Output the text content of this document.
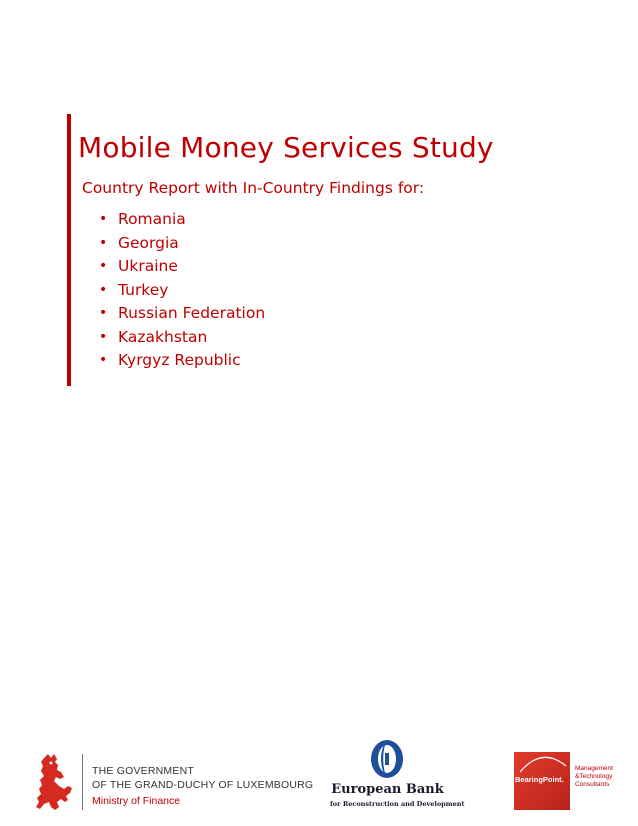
Mobile Money Services Study

Country Report with In-Country Findings for:

• Romania
• Georgia
• Ukraine
• Turkey
• Russian Federation
• Kazakhstan
• Kyrgyz Republic
THE GOVERNMENT
OF THE GRAND-DUCHY OF LUXEMBOURG
Ministry of Finance
European Bank
for Reconstruction and Development
BearingPoint.
Management
&Technology
Consultants
